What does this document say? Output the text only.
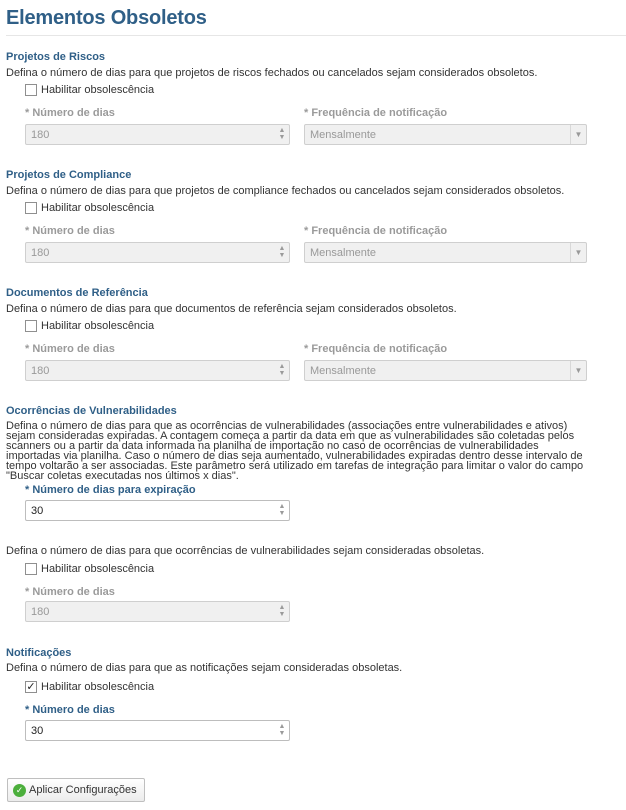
Elementos Obsoletos
Projetos de Riscos
Defina o número de dias para que projetos de riscos fechados ou cancelados sejam considerados obsoletos.
Habilitar obsolescência
* Número de dias	* Frequência de notificação
180	▲
▼ Mensalmente	▼
Projetos de Compliance
Defina o número de dias para que projetos de compliance fechados ou cancelados sejam considerados obsoletos.
Habilitar obsolescência
* Número de dias	* Frequência de notificação
180	▲
▼ Mensalmente	▼
Documentos de Referência
Defina o número de dias para que documentos de referência sejam considerados obsoletos.
Habilitar obsolescência
* Número de dias	* Frequência de notificação
180	▲
▼ Mensalmente	▼
Ocorrências de Vulnerabilidades
Defina o número de dias para que as ocorrências de vulnerabilidades (associações entre vulnerabilidades e ativos) sejam consideradas expiradas. A contagem começa a partir da data em que as vulnerabilidades são coletadas pelos scanners ou a partir da data informada na planilha de importação no caso de ocorrências de vulnerabilidades importadas via planilha. Caso o número de dias seja aumentado, vulnerabilidades expiradas dentro desse intervalo de tempo voltarão a ser associadas. Este parâmetro será utilizado em tarefas de integração para limitar o valor do campo "Buscar coletas executadas nos últimos x dias".
* Número de dias para expiração
30	▲
▼
Defina o número de dias para que ocorrências de vulnerabilidades sejam consideradas obsoletas.
Habilitar obsolescência
* Número de dias
180	▲
▼
Notificações
Defina o número de dias para que as notificações sejam consideradas obsoletas.
✓ Habilitar obsolescência
* Número de dias
30	▲
▼
✓ Aplicar Configurações
